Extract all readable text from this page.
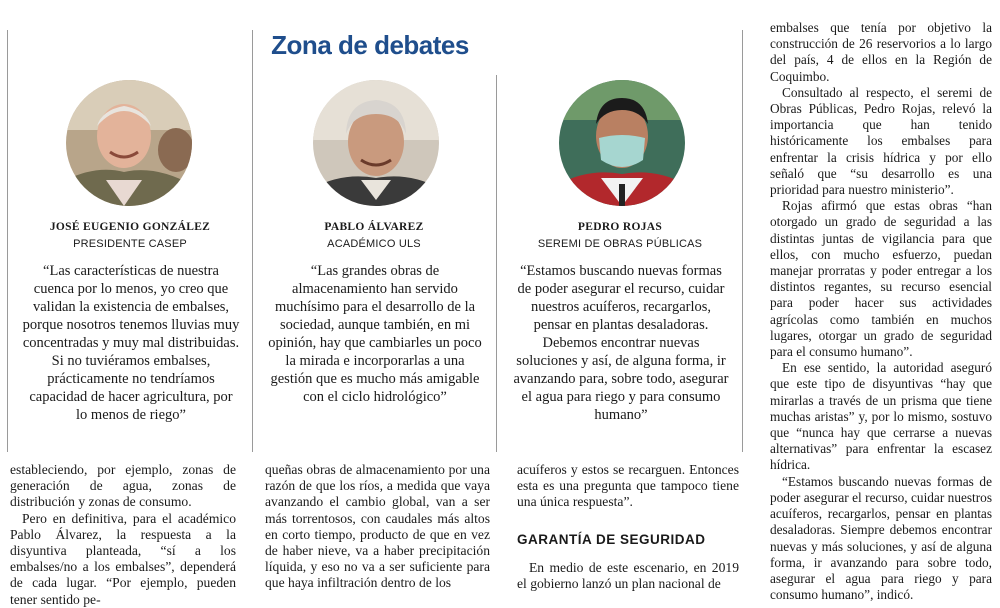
Zona de debates
JOSÉ EUGENIO GONZÁLEZ
PRESIDENTE CASEP
PABLO ÁLVAREZ
ACADÉMICO ULS
PEDRO ROJAS
SEREMI DE OBRAS PÚBLICAS

“Las características de nuestra cuenca por lo menos, yo creo que validan la existencia de embalses, porque nosotros tenemos lluvias muy concentradas y muy mal distribuidas. Si no tuviéramos embalses, prácticamente no tendríamos capacidad de hacer agricultura, por lo menos de riego”

“Las grandes obras de almacenamiento han servido muchísimo para el desarrollo de la sociedad, aunque también, en mi opinión, hay que cambiarles un poco la mirada e incorporarlas a una gestión que es mucho más amigable con el ciclo hidrológico”

“Estamos buscando nuevas formas de poder asegurar el recurso, cuidar nuestros acuíferos, recargarlos, pensar en plantas desaladoras. Debemos encontrar nuevas soluciones y así, de alguna forma, ir avanzando para, sobre todo, asegurar el agua para riego y para consumo humano”

estableciendo, por ejemplo, zonas de generación de agua, zonas de distribución y zonas de consumo.

Pero en definitiva, para el académico Pablo Álvarez, la respuesta a la disyuntiva planteada, “sí a los embalses/no a los embalses”, dependerá de cada lugar. “Por ejemplo, pueden tener sentido pe-

queñas obras de almacenamiento por una razón de que los ríos, a medida que vaya avanzando el cambio global, van a ser más torrentosos, con caudales más altos en corto tiempo, producto de que en vez de haber nieve, va a haber precipitación líquida, y eso no va a ser suficiente para que haya infiltración dentro de los

acuíferos y estos se recarguen. Entonces esta es una pregunta que tampoco tiene una única respuesta”.

GARANTÍA DE SEGURIDAD

En medio de este escenario, en 2019 el gobierno lanzó un plan nacional de

embalses que tenía por objetivo la construcción de 26 reservorios a lo largo del país, 4 de ellos en la Región de Coquimbo.

Consultado al respecto, el seremi de Obras Públicas, Pedro Rojas, relevó la importancia que han tenido históricamente los embalses para enfrentar la crisis hídrica y por ello señaló que “su desarrollo es una prioridad para nuestro ministerio”.

Rojas afirmó que estas obras “han otorgado un grado de seguridad a las distintas juntas de vigilancia para que ellos, con mucho esfuerzo, puedan manejar prorratas y poder entregar a los distintos regantes, su recurso esencial para poder hacer sus actividades agrícolas como también en muchos lugares, otorgar un grado de seguridad para el consumo humano”.

En ese sentido, la autoridad aseguró que este tipo de disyuntivas “hay que mirarlas a través de un prisma que tiene muchas aristas” y, por lo mismo, sostuvo que “nunca hay que cerrarse a nuevas alternativas” para enfrentar la escasez hídrica.

“Estamos buscando nuevas formas de poder asegurar el recurso, cuidar nuestros acuíferos, recargarlos, pensar en plantas desaladoras. Siempre debemos encontrar nuevas y más soluciones, y así de alguna forma, ir avanzando para sobre todo, asegurar el agua para riego y para consumo humano”, indicó.
